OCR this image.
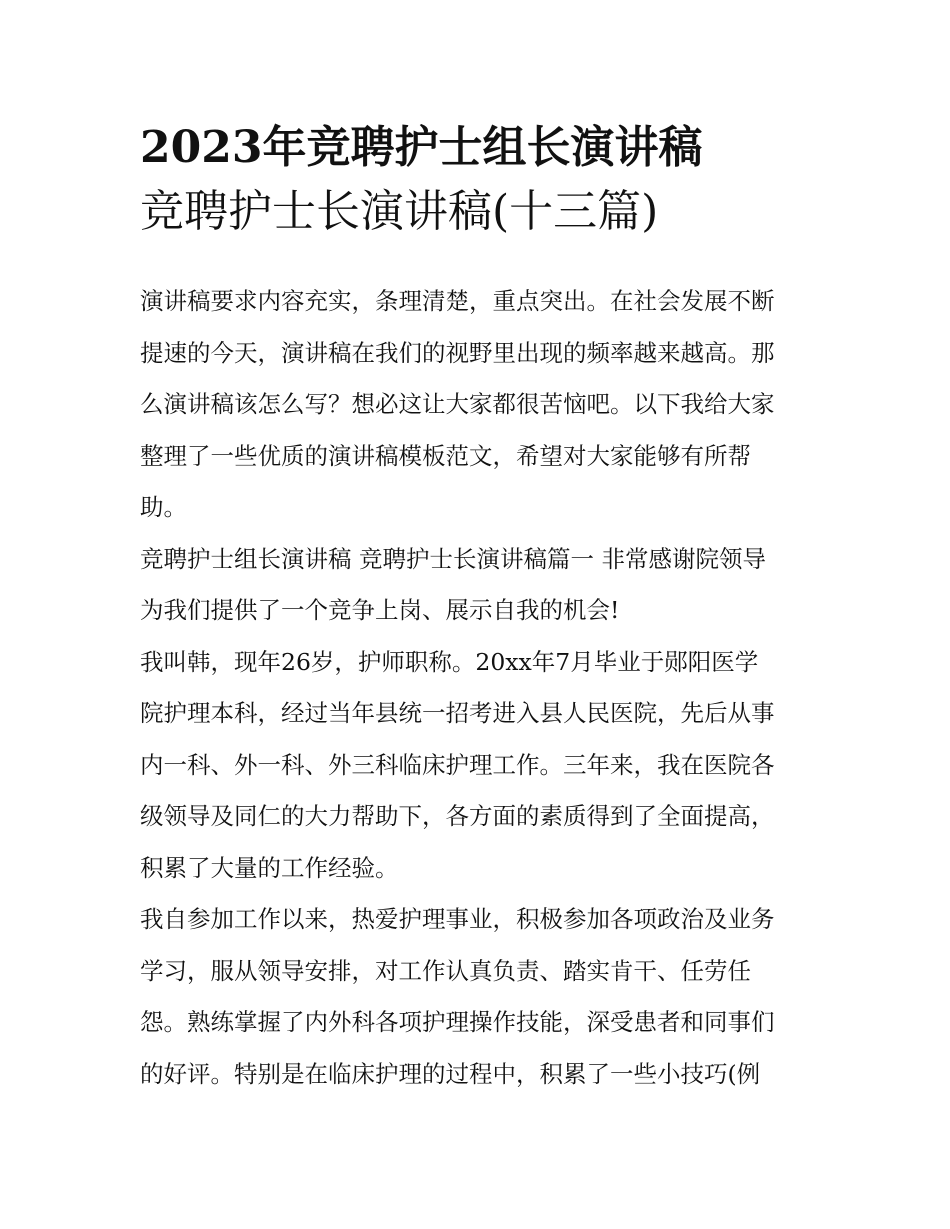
2023年竞聘护士组长演讲稿
竞聘护士长演讲稿(十三篇)
演讲稿要求内容充实，条理清楚，重点突出。在社会发展不断
提速的今天，演讲稿在我们的视野里出现的频率越来越高。那
么演讲稿该怎么写？想必这让大家都很苦恼吧。以下我给大家
整理了一些优质的演讲稿模板范文，希望对大家能够有所帮
助。
竞聘护士组长演讲稿 竞聘护士长演讲稿篇一 非常感谢院领导
为我们提供了一个竞争上岗、展示自我的机会!
我叫韩，现年26岁，护师职称。20xx年7月毕业于郧阳医学
院护理本科，经过当年县统一招考进入县人民医院，先后从事
内一科、外一科、外三科临床护理工作。三年来，我在医院各
级领导及同仁的大力帮助下，各方面的素质得到了全面提高，
积累了大量的工作经验。
我自参加工作以来，热爱护理事业，积极参加各项政治及业务
学习，服从领导安排，对工作认真负责、踏实肯干、任劳任
怨。熟练掌握了内外科各项护理操作技能，深受患者和同事们
的好评。特别是在临床护理的过程中，积累了一些小技巧(例
